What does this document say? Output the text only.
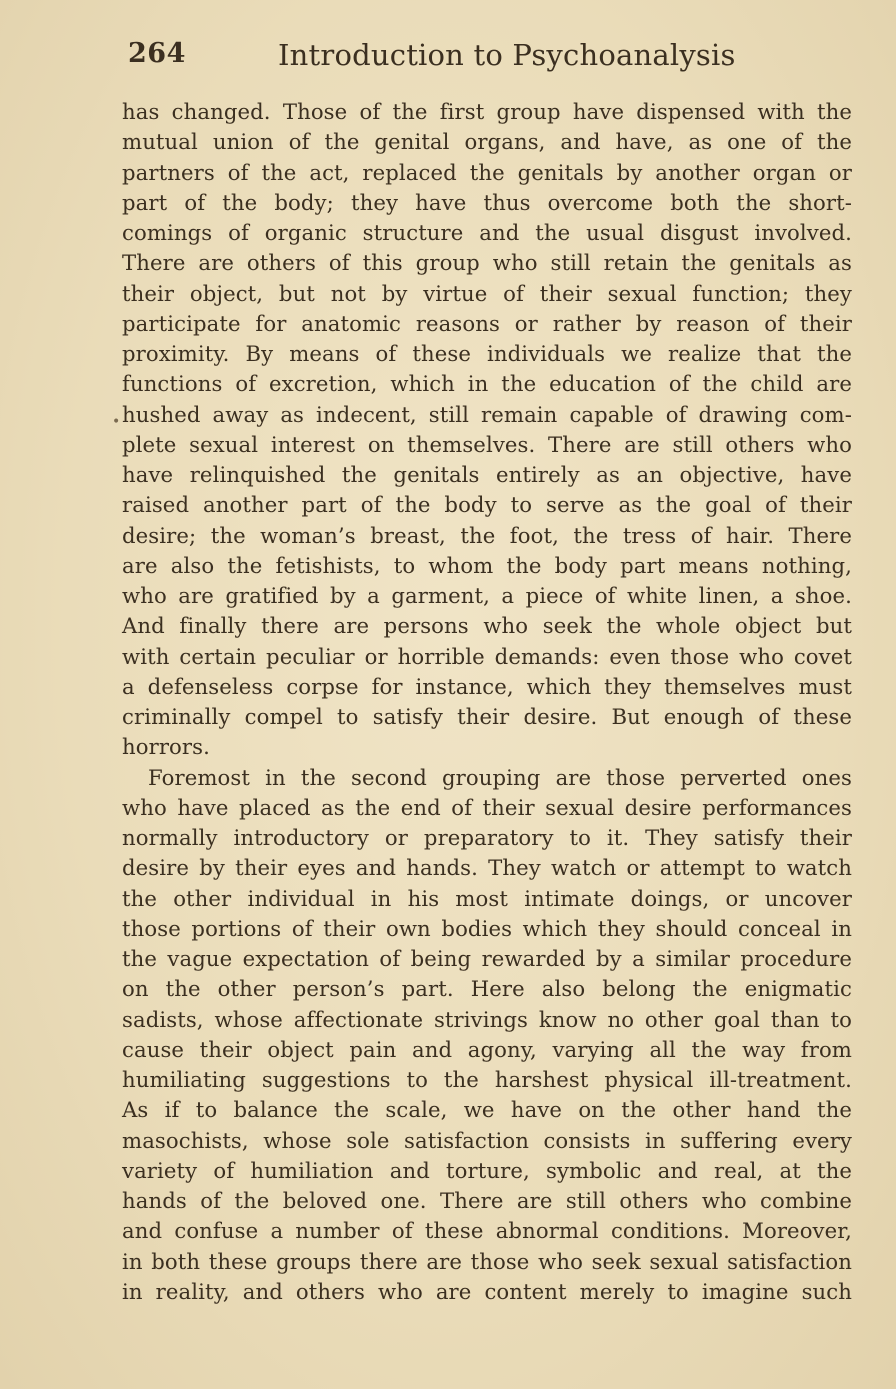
264	Introduction to Psychoanalysis
•
has changed. Those of the first group have dispensed with the
mutual union of the genital organs, and have, as one of the
partners of the act, replaced the genitals by another organ or
part of the body; they have thus overcome both the short-
comings of organic structure and the usual disgust involved.
There are others of this group who still retain the genitals as
their object, but not by virtue of their sexual function; they
participate for anatomic reasons or rather by reason of their
proximity. By means of these individuals we realize that the
functions of excretion, which in the education of the child are
hushed away as indecent, still remain capable of drawing com-
plete sexual interest on themselves. There are still others who
have relinquished the genitals entirely as an objective, have
raised another part of the body to serve as the goal of their
desire; the woman’s breast, the foot, the tress of hair. There
are also the fetishists, to whom the body part means nothing,
who are gratified by a garment, a piece of white linen, a shoe.
And finally there are persons who seek the whole object but
with certain peculiar or horrible demands: even those who covet
a defenseless corpse for instance, which they themselves must
criminally compel to satisfy their desire. But enough of these
horrors.
Foremost in the second grouping are those perverted ones
who have placed as the end of their sexual desire performances
normally introductory or preparatory to it. They satisfy their
desire by their eyes and hands. They watch or attempt to watch
the other individual in his most intimate doings, or uncover
those portions of their own bodies which they should conceal in
the vague expectation of being rewarded by a similar procedure
on the other person’s part. Here also belong the enigmatic
sadists, whose affectionate strivings know no other goal than to
cause their object pain and agony, varying all the way from
humiliating suggestions to the harshest physical ill-treatment.
As if to balance the scale, we have on the other hand the
masochists, whose sole satisfaction consists in suffering every
variety of humiliation and torture, symbolic and real, at the
hands of the beloved one. There are still others who combine
and confuse a number of these abnormal conditions. Moreover,
in both these groups there are those who seek sexual satisfaction
in reality, and others who are content merely to imagine such
